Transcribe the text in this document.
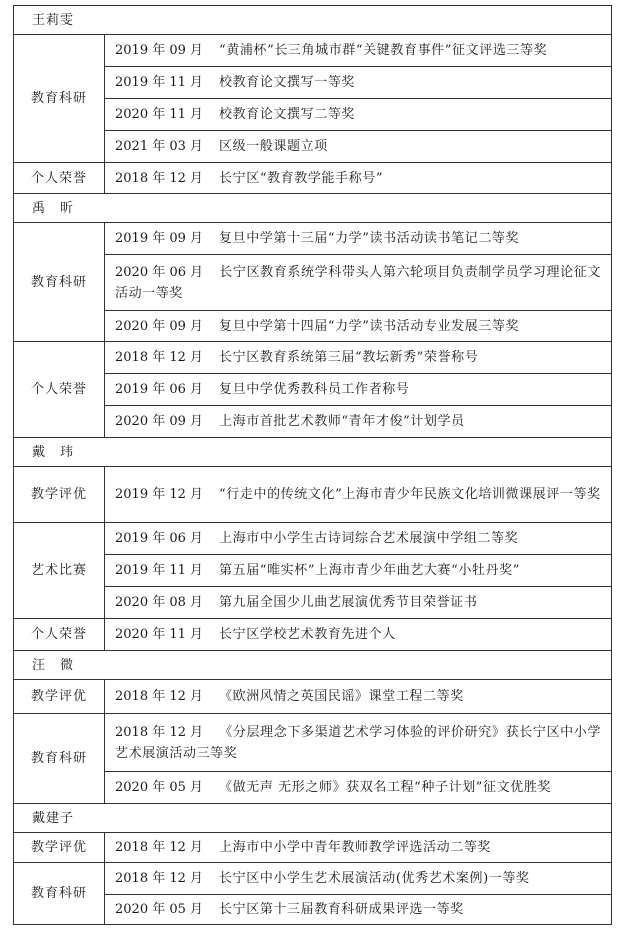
王莉雯	
教育科研	2019 年 09 月 “黄浦杯”长三角城市群“关键教育事件”征文评选三等奖
	2019 年 11 月 校教育论文撰写一等奖
	2020 年 11 月 校教育论文撰写二等奖
	2021 年 03 月 区级一般课题立项
个人荣誉	2018 年 12 月 长宁区“教育教学能手称号”
禹　昕	
教育科研	2019 年 09 月 复旦中学第十三届“力学”读书活动读书笔记二等奖
	2020 年 06 月 长宁区教育系统学科带头人第六轮项目负责制学员学习理论征文活动一等奖
	2020 年 09 月 复旦中学第十四届“力学”读书活动专业发展三等奖
个人荣誉	2018 年 12 月 长宁区教育系统第三届“教坛新秀”荣誉称号
	2019 年 06 月 复旦中学优秀教科员工作者称号
	2020 年 09 月 上海市首批艺术教师“青年才俊”计划学员
戴　玮	
教学评优	2019 年 12 月 “行走中的传统文化”上海市青少年民族文化培训微课展评一等奖
艺术比赛	2019 年 06 月 上海市中小学生古诗词综合艺术展演中学组二等奖
	2019 年 11 月 第五届“唯实杯”上海市青少年曲艺大赛“小牡丹奖”
	2020 年 08 月 第九届全国少儿曲艺展演优秀节目荣誉证书
个人荣誉	2020 年 11 月 长宁区学校艺术教育先进个人
汪　微	
教学评优	2018 年 12 月 《欧洲风情之英国民谣》课堂工程二等奖
教育科研	2018 年 12 月 《分层理念下多渠道艺术学习体验的评价研究》获长宁区中小学艺术展演活动三等奖
	2020 年 05 月 《做无声 无形之师》获双名工程“种子计划”征文优胜奖
戴建子	
教学评优	2018 年 12 月 上海市中小学中青年教师教学评选活动二等奖
教育科研	2018 年 12 月 长宁区中小学生艺术展演活动(优秀艺术案例)一等奖
	2020 年 05 月 长宁区第十三届教育科研成果评选一等奖
